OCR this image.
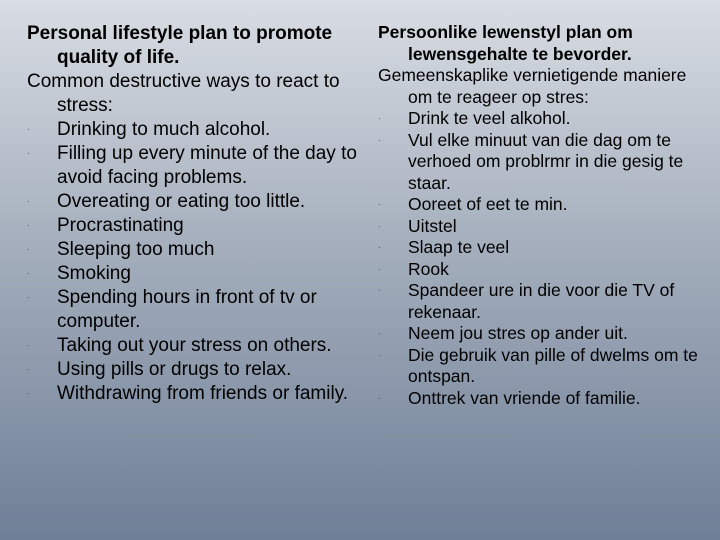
Personal lifestyle plan to promote quality of life.
Common destructive ways to react to stress:
· Drinking to much alcohol.
· Filling up every minute of the day to avoid facing problems.
· Overeating or eating too little.
· Procrastinating
· Sleeping too much
· Smoking
· Spending hours in front of tv or computer.
· Taking out your stress on others.
· Using pills or drugs to relax.
· Withdrawing from friends or family.
Persoonlike lewenstyl plan om lewensgehalte te bevorder.
Gemeenskaplike vernietigende maniere om te reageer op stres:
· Drink te veel alkohol.
· Vul elke minuut van die dag om te verhoed om problrmr in die gesig te staar.
· Ooreet of eet te min.
· Uitstel
· Slaap te veel
· Rook
· Spandeer ure in die voor die TV of rekenaar.
· Neem jou stres op ander uit.
· Die gebruik van pille of dwelms om te ontspan.
· Onttrek van vriende of familie.
